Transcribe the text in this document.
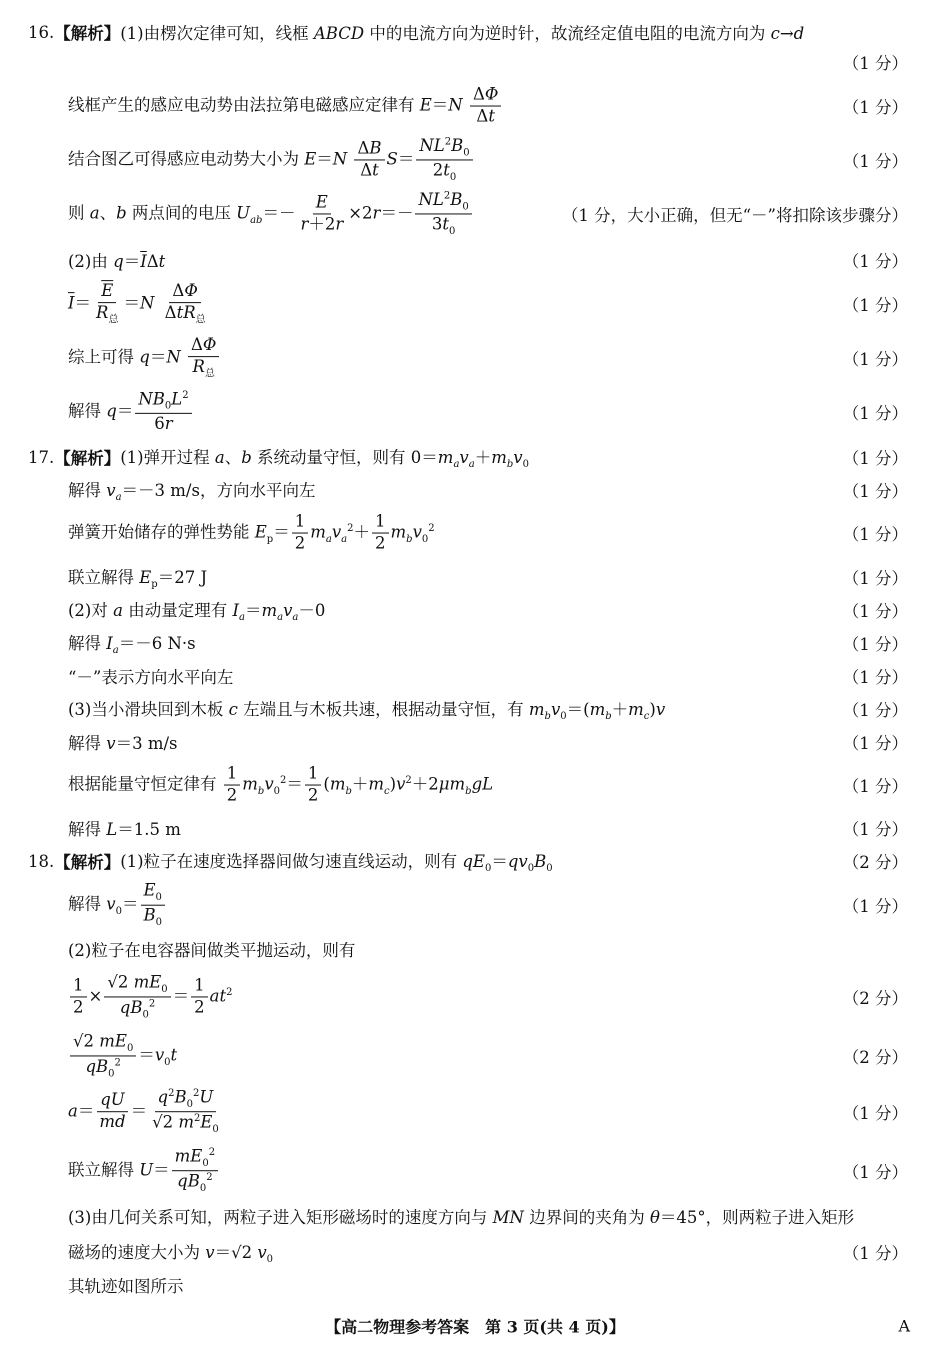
16. 【解析】 (1)由楞次定律可知，线框 ABCD 中的电流方向为逆时针，故流经定值电阻的电流方向为 c→d
（1 分）
线框产生的感应电动势由法拉第电磁感应定律有 $E=N \frac{\Delta\Phi}{\Delta t}$	（1 分）
结合图乙可得感应电动势大小为 $E=N \frac{\Delta B}{\Delta t} S= \frac{NL^2B_0}{2t_0}$	（1 分）
则 a、b 两点间的电压 $U_{ab}=- \frac{E}{r+2r} \times 2r=- \frac{NL^2B_0}{3t_0}$	（1 分，大小正确，但无“－”将扣除该步骤分）
(2)由 $q=\overline{I}\Delta t$	（1 分）
$\overline{I}= \frac{\overline{E}}{R_总} =N \frac{\Delta\Phi}{\Delta tR_总}$	（1 分）
综上可得 $q=N \frac{\Delta\Phi}{R_总}$	（1 分）
解得 $q= \frac{NB_0L^2}{6r}$	（1 分）
17. 【解析】 (1)弹开过程 a、b 系统动量守恒，则有 $0=m_av_a+m_bv_0$	（1 分）
解得 $v_a=-3$ m/s，方向水平向左	（1 分）
弹簧开始储存的弹性势能 $E_p= \frac{1}{2} m_av_a^2+ \frac{1}{2} m_bv_0^2$	（1 分）
联立解得 $E_p=27$ J	（1 分）
(2)对 a 由动量定理有 $I_a=m_av_a-0$	（1 分）
解得 $I_a=-6$ N·s	（1 分）
“－”表示方向水平向左	（1 分）
(3)当小滑块回到木板 c 左端且与木板共速，根据动量守恒，有 $m_bv_0=(m_b+m_c)v$	（1 分）
解得 v＝3 m/s	（1 分）
根据能量守恒定律有 $\frac{1}{2} m_bv_0^2= \frac{1}{2} (m_b+m_c)v^2+2\mu m_bgL$	（1 分）
解得 L＝1.5 m	（1 分）
18. 【解析】 (1)粒子在速度选择器间做匀速直线运动，则有 $qE_0=qv_0B_0$	（2 分）
解得 $v_0= \frac{E_0}{B_0}$	（1 分）
(2)粒子在电容器间做类平抛运动，则有
$\frac{1}{2} \times \frac{√2 mE_0}{qB_0^2} = \frac{1}{2} at^2$	（2 分）
$\frac{√2 mE_0}{qB_0^2} =v_0t$	（2 分）
$a= \frac{qU}{md} = \frac{q^2B_0^2U}{√2 m^2E_0}$	（1 分）
联立解得 $U= \frac{mE_0^2}{qB_0^2}$	（1 分）
(3)由几何关系可知，两粒子进入矩形磁场时的速度方向与 MN 边界间的夹角为 θ＝45°，则两粒子进入矩形
磁场的速度大小为 v＝√2 $v_0$	（1 分）
其轨迹如图所示
【高二物理参考答案　第 3 页(共 4 页)】	A
